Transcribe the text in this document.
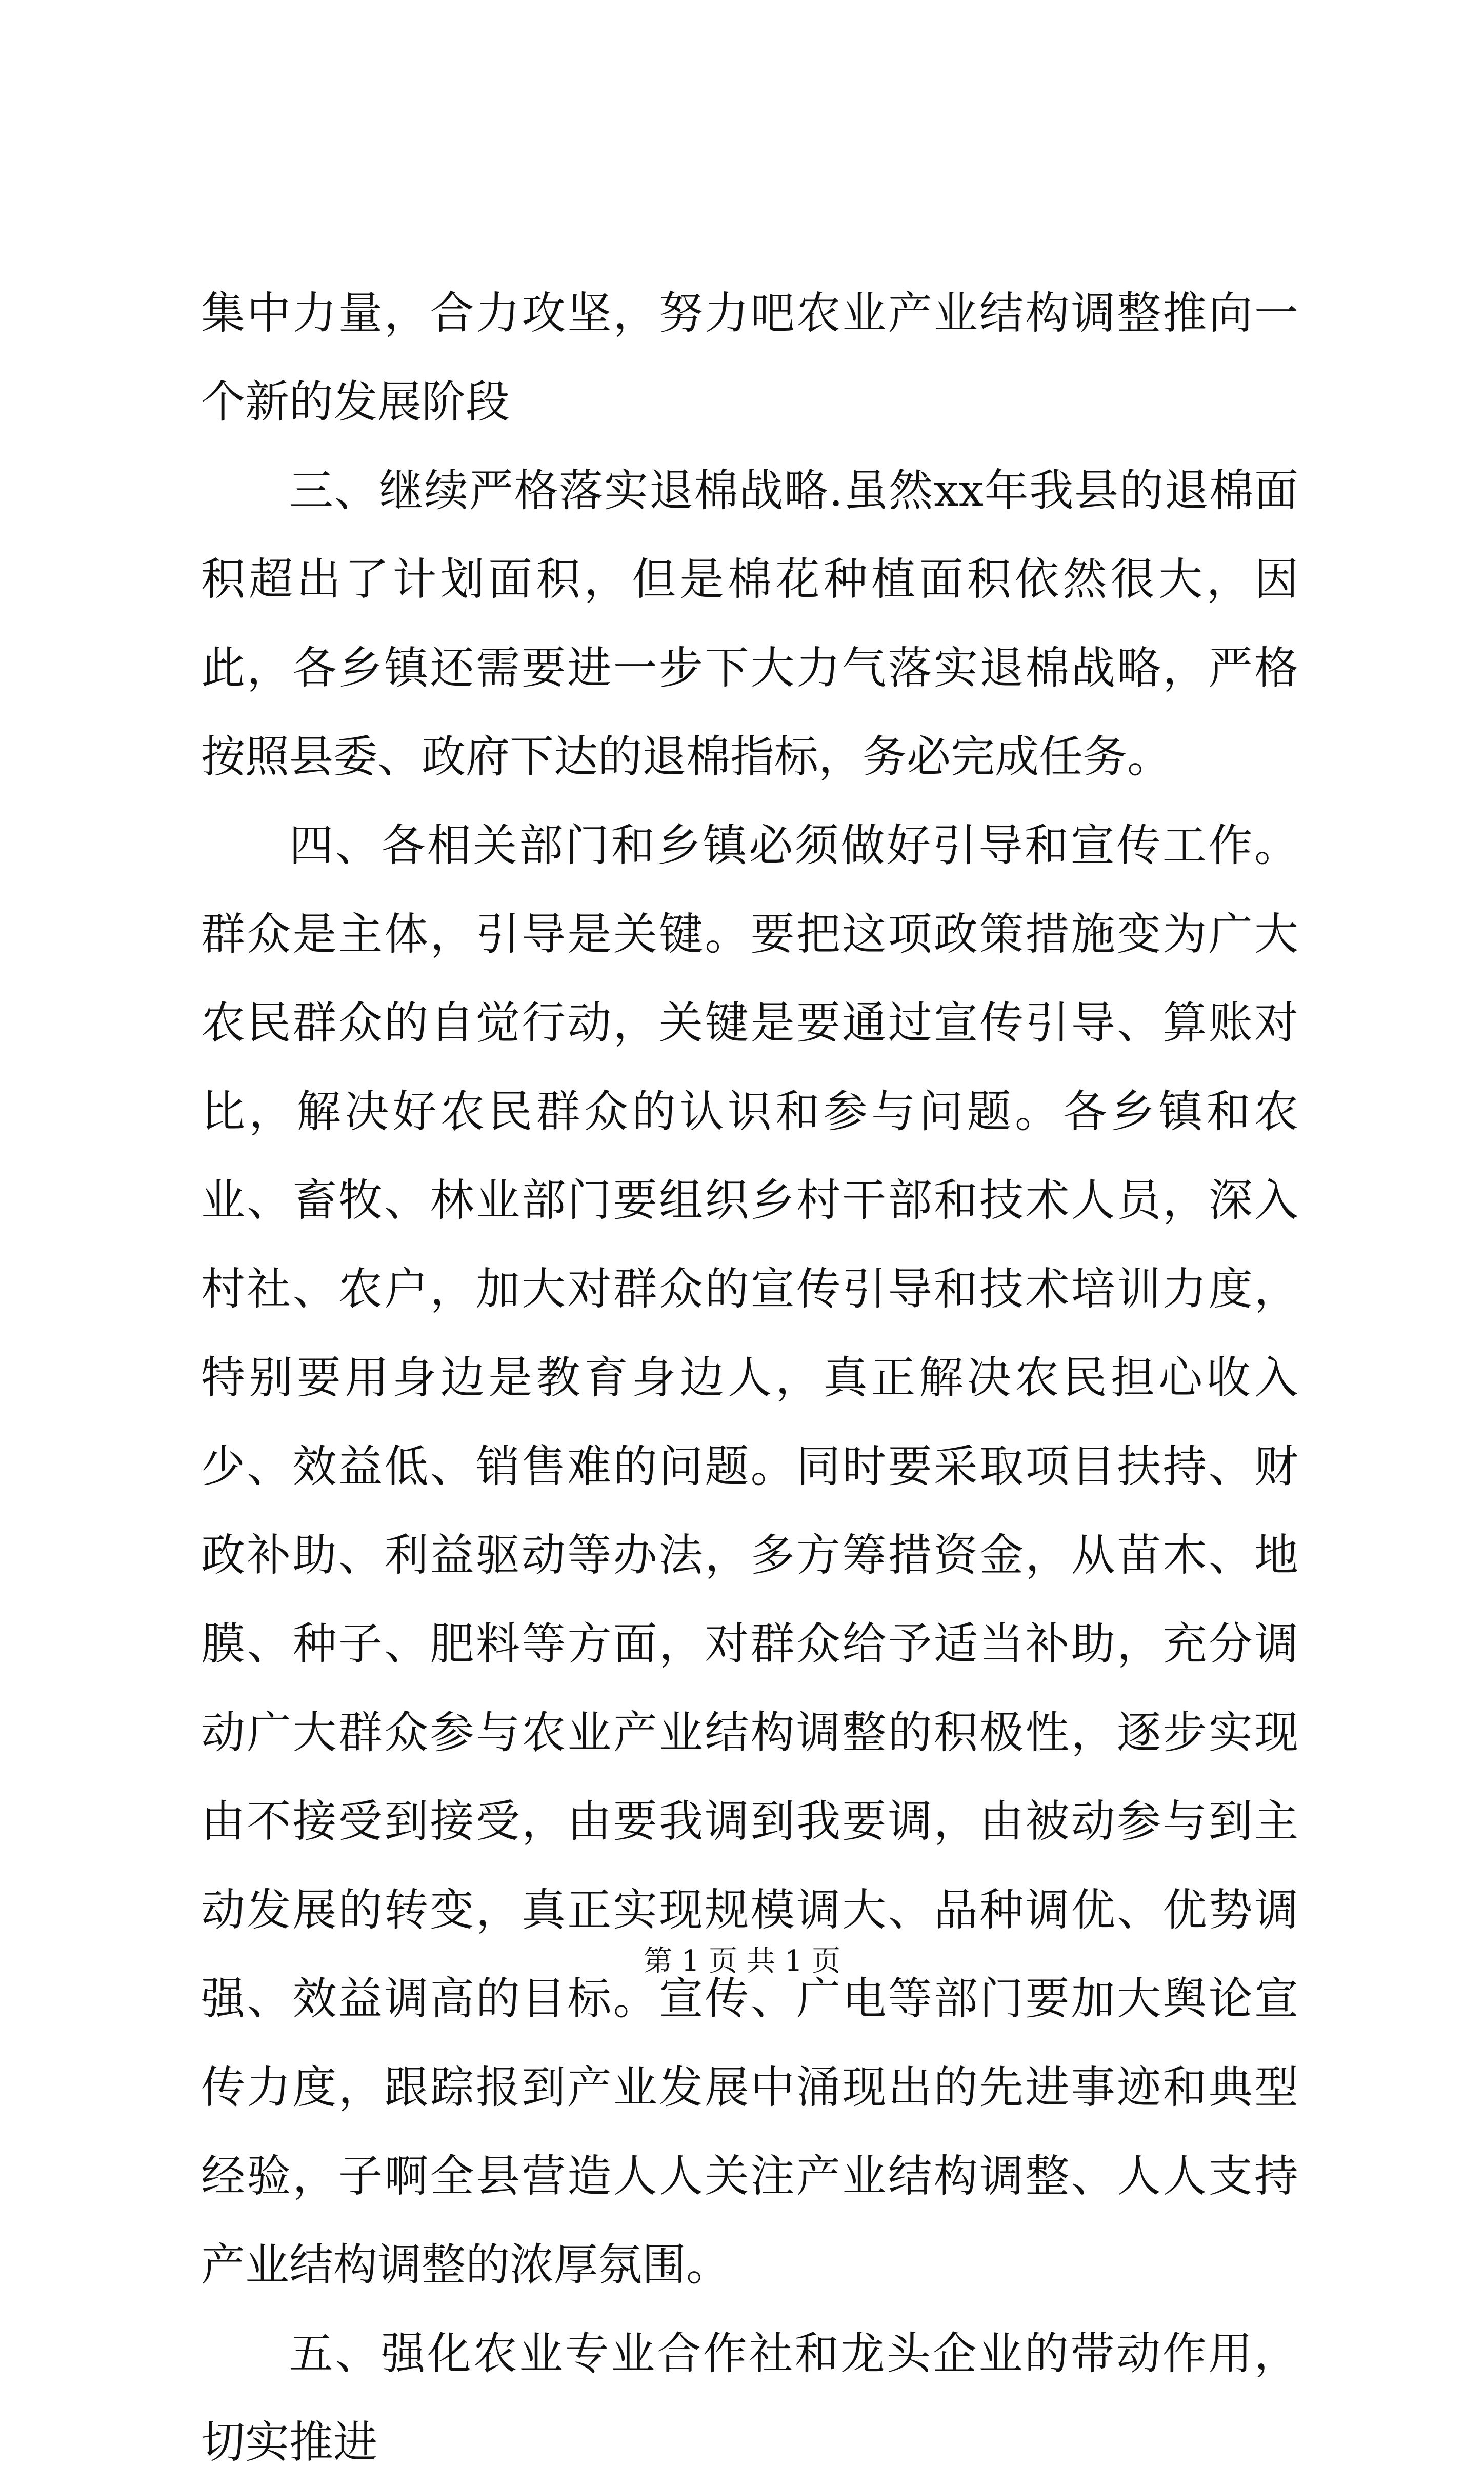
集中力量，合力攻坚，努力吧农业产业结构调整推向一个新的发展阶段

三、继续严格落实退棉战略.虽然xx年我县的退棉面积超出了计划面积，但是棉花种植面积依然很大，因此，各乡镇还需要进一步下大力气落实退棉战略，严格按照县委、政府下达的退棉指标，务必完成任务。

四、各相关部门和乡镇必须做好引导和宣传工作。群众是主体，引导是关键。要把这项政策措施变为广大农民群众的自觉行动，关键是要通过宣传引导、算账对比，解决好农民群众的认识和参与问题。各乡镇和农业、畜牧、林业部门要组织乡村干部和技术人员，深入村社、农户，加大对群众的宣传引导和技术培训力度，特别要用身边是教育身边人，真正解决农民担心收入少、效益低、销售难的问题。同时要采取项目扶持、财政补助、利益驱动等办法，多方筹措资金，从苗木、地膜、种子、肥料等方面，对群众给予适当补助，充分调动广大群众参与农业产业结构调整的积极性，逐步实现由不接受到接受，由要我调到我要调，由被动参与到主动发展的转变，真正实现规模调大、品种调优、优势调强、效益调高的目标。宣传、广电等部门要加大舆论宣传力度，跟踪报到产业发展中涌现出的先进事迹和典型经验，子啊全县营造人人关注产业结构调整、人人支持产业结构调整的浓厚氛围。

五、强化农业专业合作社和龙头企业的带动作用，切实推进

第 1 页 共 1 页
